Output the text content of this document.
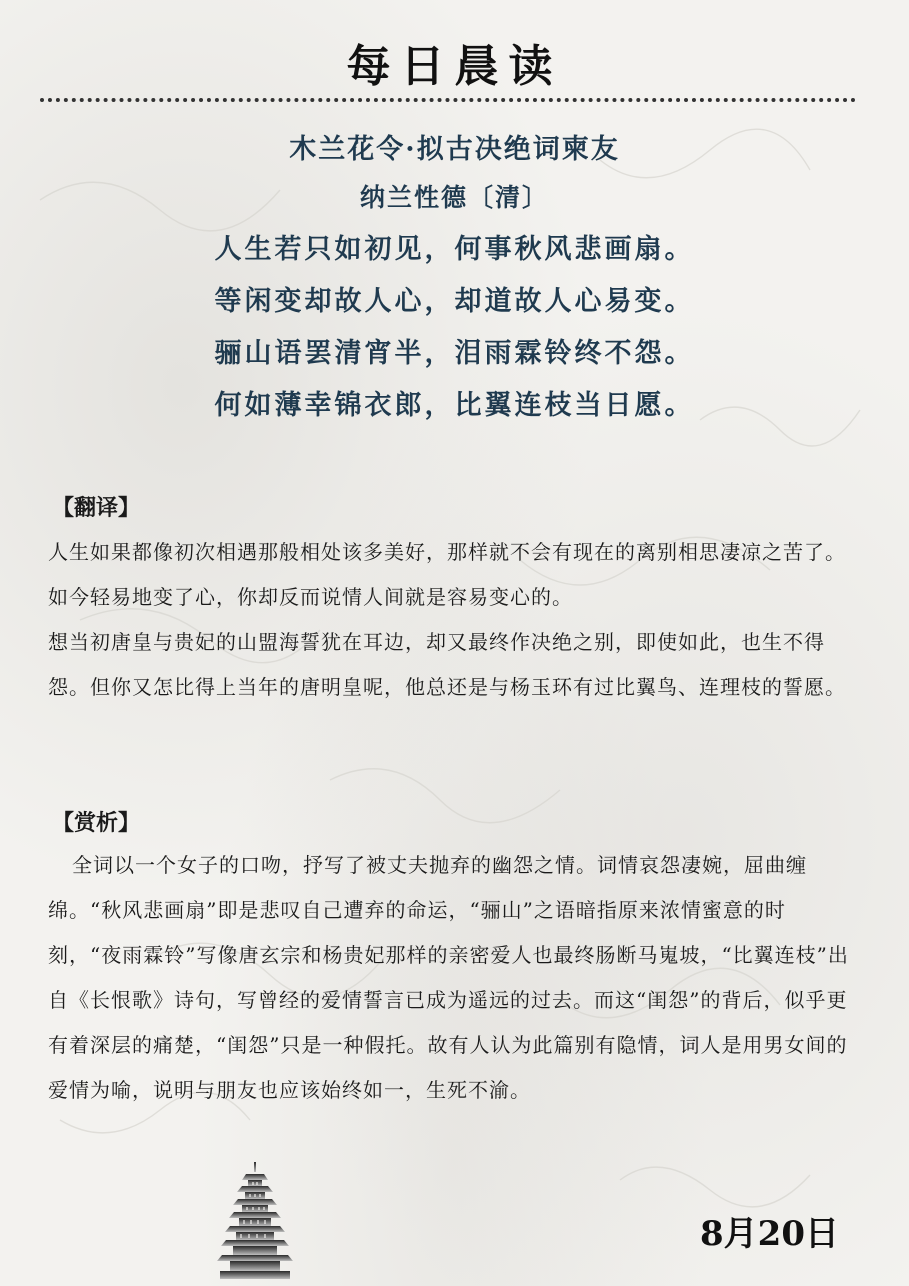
每日晨读
木兰花令·拟古决绝词柬友
纳兰性德〔清〕
人生若只如初见，何事秋风悲画扇。
等闲变却故人心，却道故人心易变。
骊山语罢清宵半，泪雨霖铃终不怨。
何如薄幸锦衣郎，比翼连枝当日愿。
【翻译】

人生如果都像初次相遇那般相处该多美好，那样就不会有现在的离别相思凄凉之苦了。如今轻易地变了心，你却反而说情人间就是容易变心的。

想当初唐皇与贵妃的山盟海誓犹在耳边，却又最终作决绝之别，即使如此，也生不得怨。但你又怎比得上当年的唐明皇呢，他总还是与杨玉环有过比翼鸟、连理枝的誓愿。

【赏析】

全词以一个女子的口吻，抒写了被丈夫抛弃的幽怨之情。词情哀怨凄婉，屈曲缠绵。“秋风悲画扇”即是悲叹自己遭弃的命运，“骊山”之语暗指原来浓情蜜意的时刻，“夜雨霖铃”写像唐玄宗和杨贵妃那样的亲密爱人也最终肠断马嵬坡，“比翼连枝”出自《长恨歌》诗句，写曾经的爱情誓言已成为遥远的过去。而这“闺怨”的背后，似乎更有着深层的痛楚，“闺怨”只是一种假托。故有人认为此篇别有隐情，词人是用男女间的爱情为喻，说明与朋友也应该始终如一，生死不渝。

8月20日
